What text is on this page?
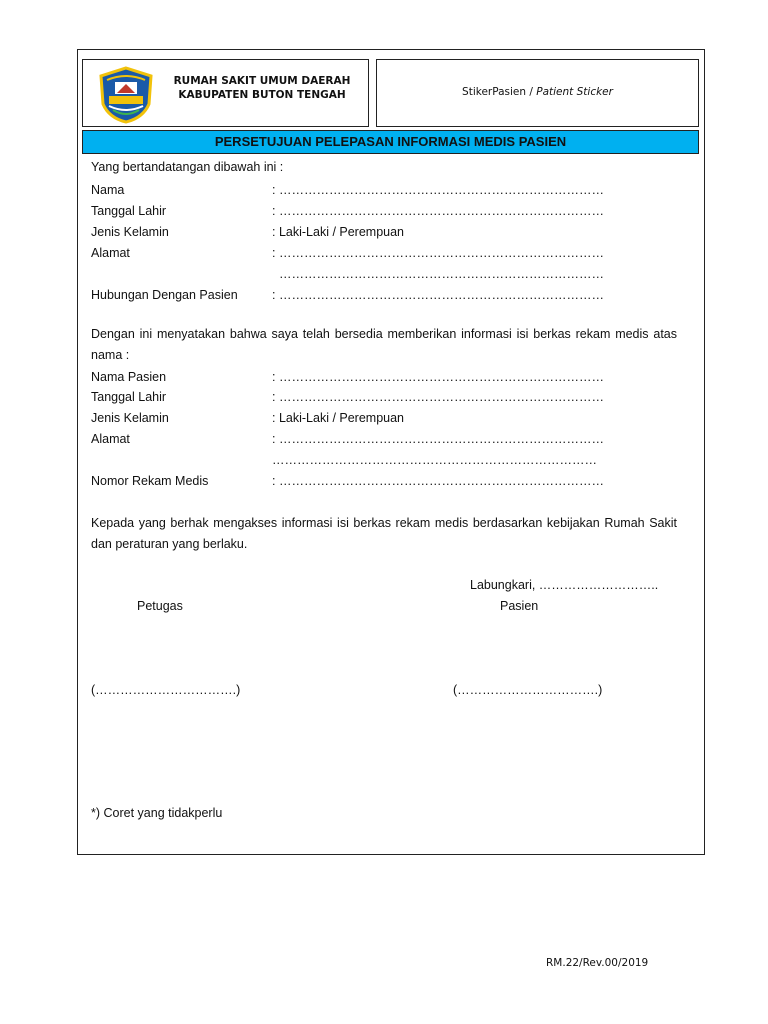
RUMAH SAKIT UMUM DAERAH
KABUPATEN BUTON TENGAH	StikerPasien / Patient Sticker
PERSETUJUAN PELEPASAN INFORMASI MEDIS PASIEN
Yang bertandatangan dibawah ini :
Nama	: ……………………………………………………………………
Tanggal Lahir	: ……………………………………………………………………
Jenis Kelamin	: Laki-Laki / Perempuan
Alamat	: ……………………………………………………………………
……………………………………………………………………
Hubungan Dengan Pasien	: ……………………………………………………………………
Dengan ini menyatakan bahwa saya telah bersedia memberikan informasi isi berkas rekam medis atas nama :
Nama Pasien	: ……………………………………………………………………
Tanggal Lahir	: ……………………………………………………………………
Jenis Kelamin	: Laki-Laki / Perempuan
Alamat	: ……………………………………………………………………
……………………………………………………………………
Nomor Rekam Medis	: ……………………………………………………………………
Kepada yang berhak mengakses informasi isi berkas rekam medis berdasarkan kebijakan Rumah Sakit dan peraturan yang berlaku.
Labungkari, ………………………..
Petugas	Pasien
(…………………………….)	(…………………………….)
*) Coret yang tidakperlu
RM.22/Rev.00/2019
